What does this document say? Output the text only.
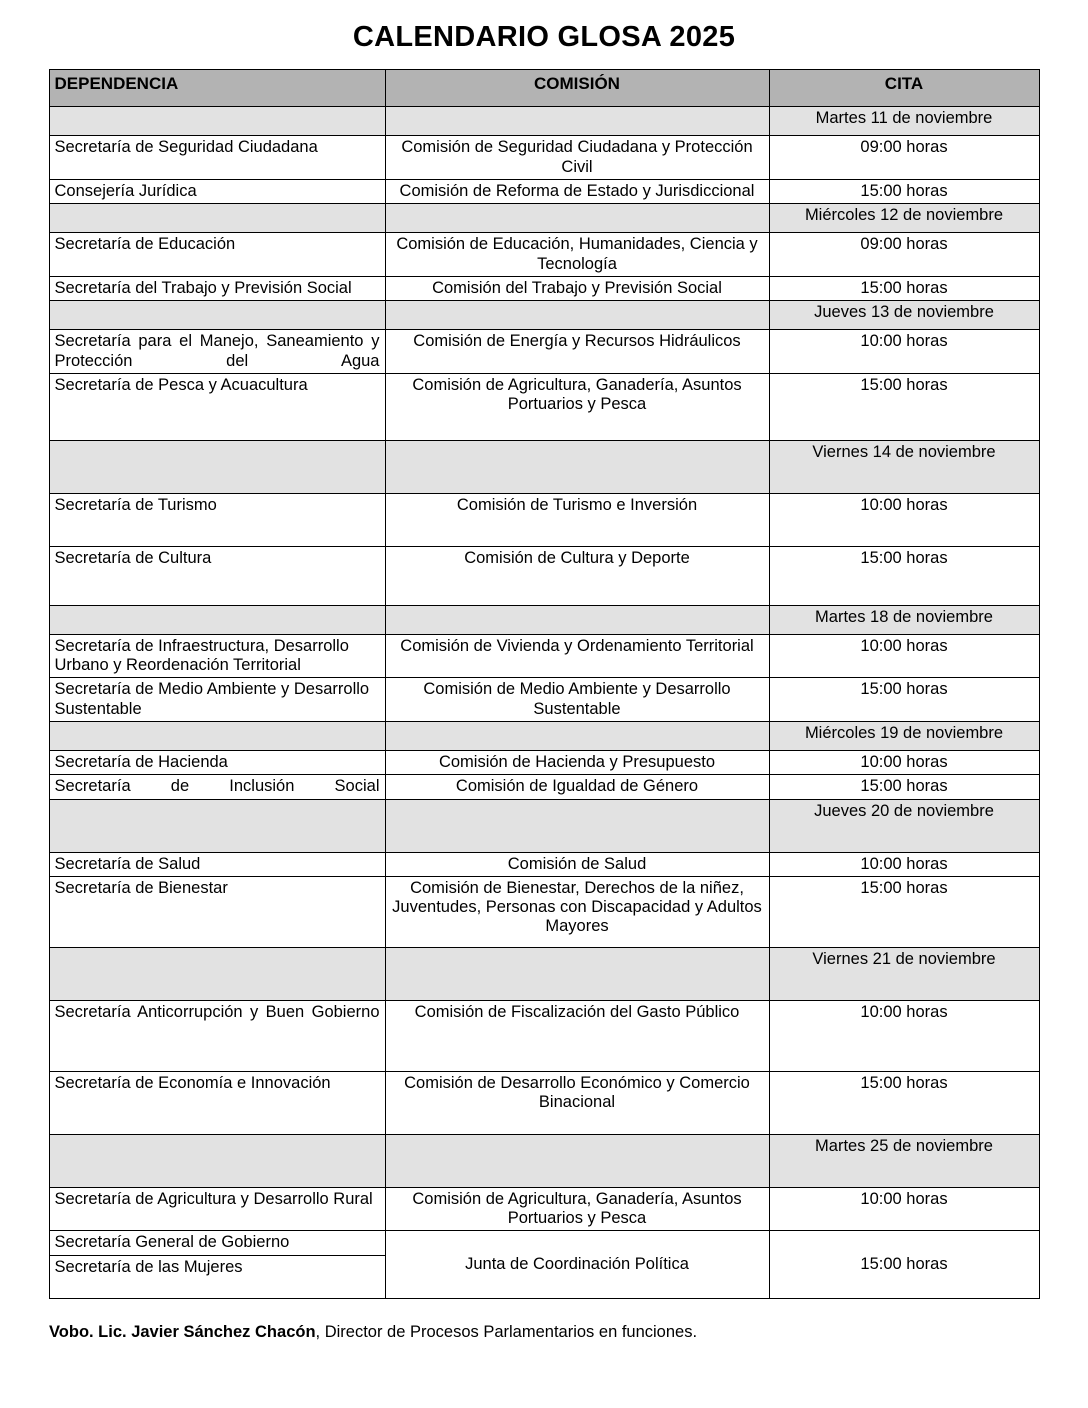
CALENDARIO GLOSA 2025
DEPENDENCIA	COMISIÓN	CITA
		Martes 11 de noviembre
Secretaría de Seguridad Ciudadana	Comisión de Seguridad Ciudadana y Protección Civil	09:00 horas
Consejería Jurídica	Comisión de Reforma de Estado y Jurisdiccional	15:00 horas
		Miércoles 12 de noviembre
Secretaría de Educación	Comisión de Educación, Humanidades, Ciencia y Tecnología	09:00 horas
Secretaría del Trabajo y Previsión Social	Comisión del Trabajo y Previsión Social	15:00 horas
		Jueves 13 de noviembre
Secretaría para el Manejo, Saneamiento y Protección del Agua	Comisión de Energía y Recursos Hidráulicos	10:00 horas
Secretaría de Pesca y Acuacultura	Comisión de Agricultura, Ganadería, Asuntos Portuarios y Pesca	15:00 horas
		Viernes 14 de noviembre
Secretaría de Turismo	Comisión de Turismo e Inversión	10:00 horas
Secretaría de Cultura	Comisión de Cultura y Deporte	15:00 horas
		Martes 18 de noviembre
Secretaría de Infraestructura, Desarrollo Urbano y Reordenación Territorial	Comisión de Vivienda y Ordenamiento Territorial	10:00 horas
Secretaría de Medio Ambiente y Desarrollo Sustentable	Comisión de Medio Ambiente y Desarrollo Sustentable	15:00 horas
		Miércoles 19 de noviembre
Secretaría de Hacienda	Comisión de Hacienda y Presupuesto	10:00 horas
Secretaría de Inclusión Social	Comisión de Igualdad de Género	15:00 horas
		Jueves 20 de noviembre
Secretaría de Salud	Comisión de Salud	10:00 horas
Secretaría de Bienestar	Comisión de Bienestar, Derechos de la niñez, Juventudes, Personas con Discapacidad y Adultos Mayores	15:00 horas
		Viernes 21 de noviembre
Secretaría Anticorrupción y Buen Gobierno	Comisión de Fiscalización del Gasto Público	10:00 horas
Secretaría de Economía e Innovación	Comisión de Desarrollo Económico y Comercio Binacional	15:00 horas
		Martes 25 de noviembre
Secretaría de Agricultura y Desarrollo Rural	Comisión de Agricultura, Ganadería, Asuntos Portuarios y Pesca	10:00 horas
Secretaría General de Gobierno	Junta de Coordinación Política	15:00 horas
Secretaría de las Mujeres		
Vobo. Lic. Javier Sánchez Chacón, Director de Procesos Parlamentarios en funciones.
